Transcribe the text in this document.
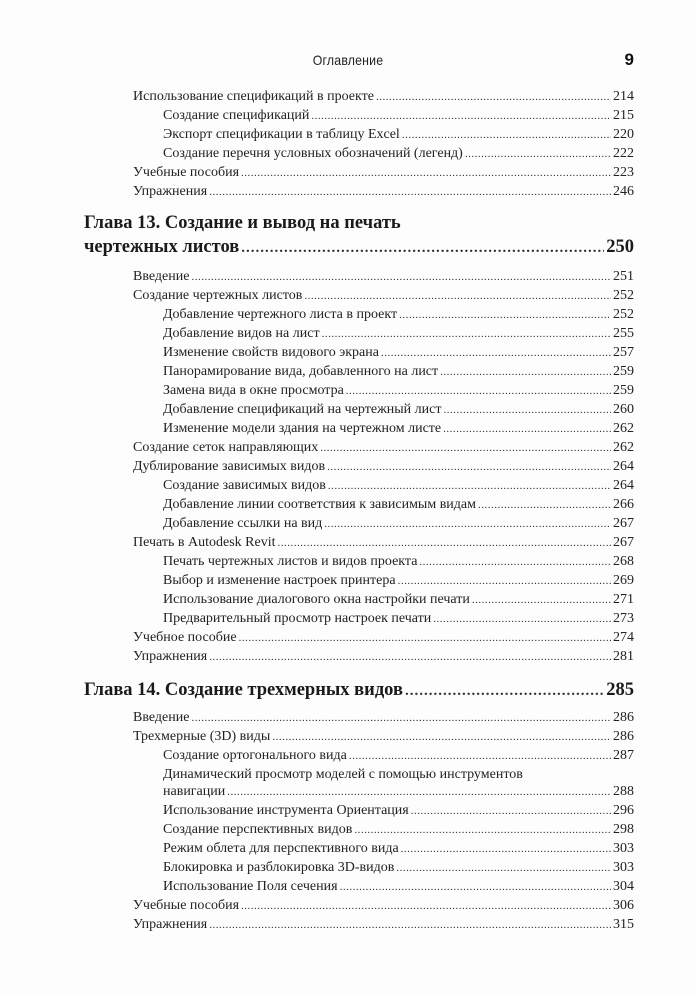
Оглавление	9
Использование спецификаций в проекте .....	214
Создание спецификаций .....	215
Экспорт спецификации в таблицу Excel .....	220
Создание перечня условных обозначений (легенд) .....	222
Учебные пособия .....	223
Упражнения .....	246
Глава 13. Создание и вывод на печать
чертежных листов .....	250
Введение .....	251
Создание чертежных листов .....	252
Добавление чертежного листа в проект .....	252
Добавление видов на лист .....	255
Изменение свойств видового экрана .....	257
Панорамирование вида, добавленного на лист .....	259
Замена вида в окне просмотра .....	259
Добавление спецификаций на чертежный лист .....	260
Изменение модели здания на чертежном листе .....	262
Создание сеток направляющих .....	262
Дублирование зависимых видов .....	264
Создание зависимых видов .....	264
Добавление линии соответствия к зависимым видам .....	266
Добавление ссылки на вид .....	267
Печать в Autodesk Revit .....	267
Печать чертежных листов и видов проекта .....	268
Выбор и изменение настроек принтера .....	269
Использование диалогового окна настройки печати .....	271
Предварительный просмотр настроек печати .....	273
Учебное пособие .....	274
Упражнения .....	281
Глава 14. Создание трехмерных видов .....	285
Введение .....	286
Трехмерные (3D) виды .....	286
Создание ортогонального вида .....	287
Динамический просмотр моделей с помощью инструментов
навигации .....	288
Использование инструмента Ориентация .....	296
Создание перспективных видов .....	298
Режим облета для перспективного вида .....	303
Блокировка и разблокировка 3D-видов .....	303
Использование Поля сечения .....	304
Учебные пособия .....	306
Упражнения .....	315
